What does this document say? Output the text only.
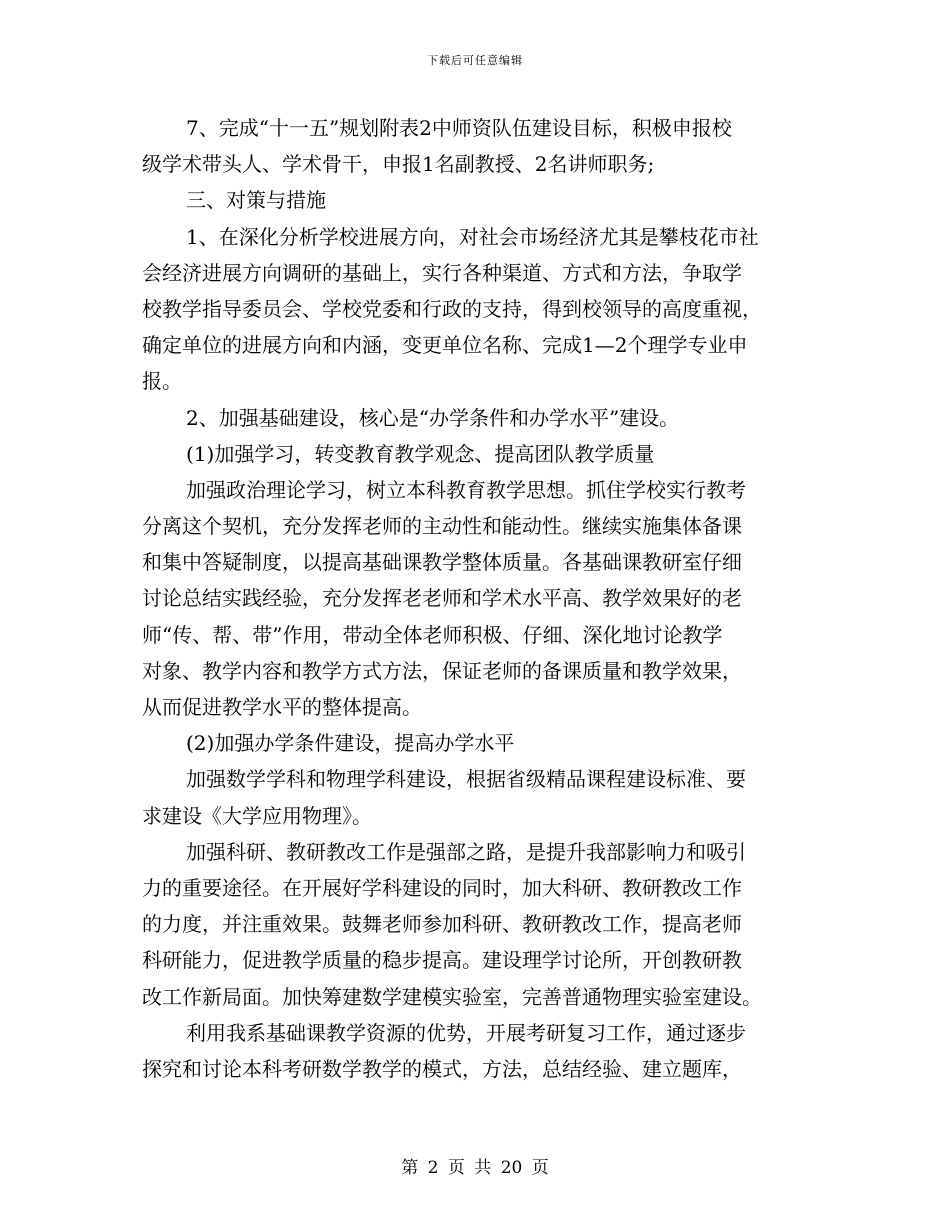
下载后可任意编辑
7、完成“十一五”规划附表2中师资队伍建设目标，积极申报校
级学术带头人、学术骨干，申报1名副教授、2名讲师职务;
三、对策与措施
1、在深化分析学校进展方向，对社会市场经济尤其是攀枝花市社
会经济进展方向调研的基础上，实行各种渠道、方式和方法，争取学
校教学指导委员会、学校党委和行政的支持，得到校领导的高度重视，
确定单位的进展方向和内涵，变更单位名称、完成1—2个理学专业申
报。
2、加强基础建设，核心是“办学条件和办学水平”建设。
(1)加强学习，转变教育教学观念、提高团队教学质量
加强政治理论学习，树立本科教育教学思想。抓住学校实行教考
分离这个契机，充分发挥老师的主动性和能动性。继续实施集体备课
和集中答疑制度，以提高基础课教学整体质量。各基础课教研室仔细
讨论总结实践经验，充分发挥老老师和学术水平高、教学效果好的老
师“传、帮、带”作用，带动全体老师积极、仔细、深化地讨论教学
对象、教学内容和教学方式方法，保证老师的备课质量和教学效果，
从而促进教学水平的整体提高。
(2)加强办学条件建设，提高办学水平
加强数学学科和物理学科建设，根据省级精品课程建设标准、要
求建设《大学应用物理》。
加强科研、教研教改工作是强部之路，是提升我部影响力和吸引
力的重要途径。在开展好学科建设的同时，加大科研、教研教改工作
的力度，并注重效果。鼓舞老师参加科研、教研教改工作，提高老师
科研能力，促进教学质量的稳步提高。建设理学讨论所，开创教研教
改工作新局面。加快筹建数学建模实验室，完善普通物理实验室建设。
利用我系基础课教学资源的优势，开展考研复习工作，通过逐步
探究和讨论本科考研数学教学的模式，方法，总结经验、建立题库，
第 2 页 共 20 页
